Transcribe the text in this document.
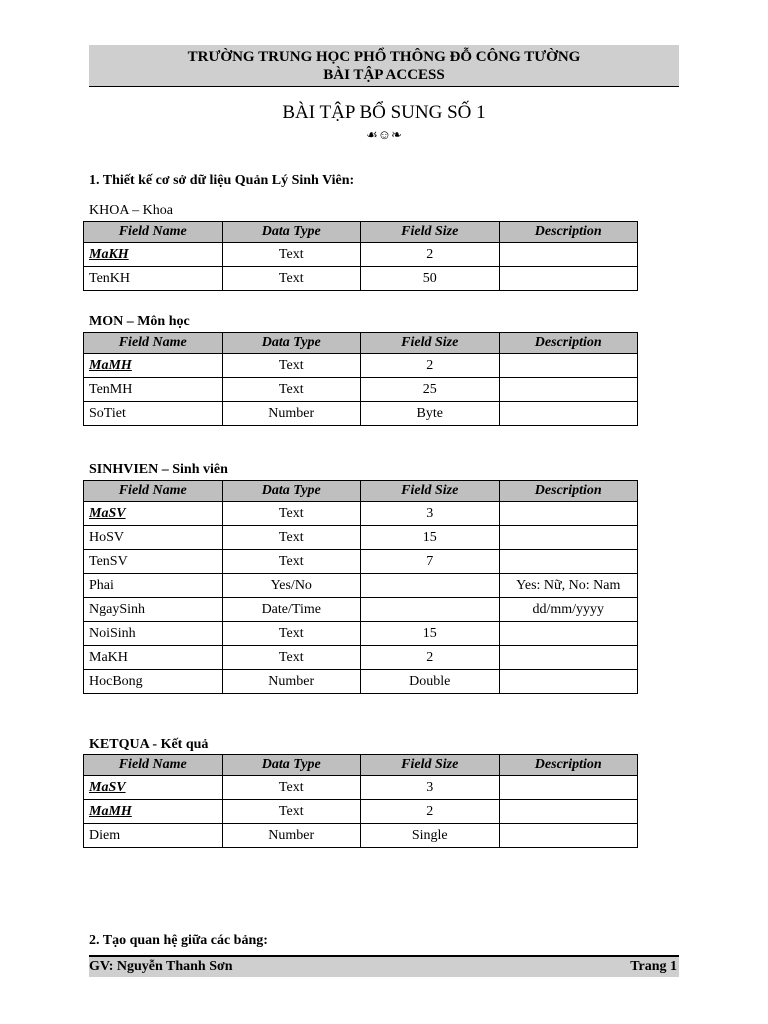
TRƯỜNG TRUNG HỌC PHỔ THÔNG ĐỖ CÔNG TƯỜNG
BÀI TẬP ACCESS
BÀI TẬP BỔ SUNG SỐ 1
☙☺❧
1. Thiết kế cơ sở dữ liệu Quản Lý Sinh Viên:
KHOA – Khoa
Field Name	Data Type	Field Size	Description
MaKH	Text	2	
TenKH	Text	50	
MON – Môn học
Field Name	Data Type	Field Size	Description
MaMH	Text	2	
TenMH	Text	25	
SoTiet	Number	Byte	
SINHVIEN – Sinh viên
Field Name	Data Type	Field Size	Description
MaSV	Text	3	
HoSV	Text	15	
TenSV	Text	7	
Phai	Yes/No		Yes: Nữ, No: Nam
NgaySinh	Date/Time		dd/mm/yyyy
NoiSinh	Text	15	
MaKH	Text	2	
HocBong	Number	Double	
KETQUA - Kết quả
Field Name	Data Type	Field Size	Description
MaSV	Text	3	
MaMH	Text	2	
Diem	Number	Single	
2. Tạo quan hệ giữa các bảng:
GV: Nguyễn Thanh Sơn	Trang 1
